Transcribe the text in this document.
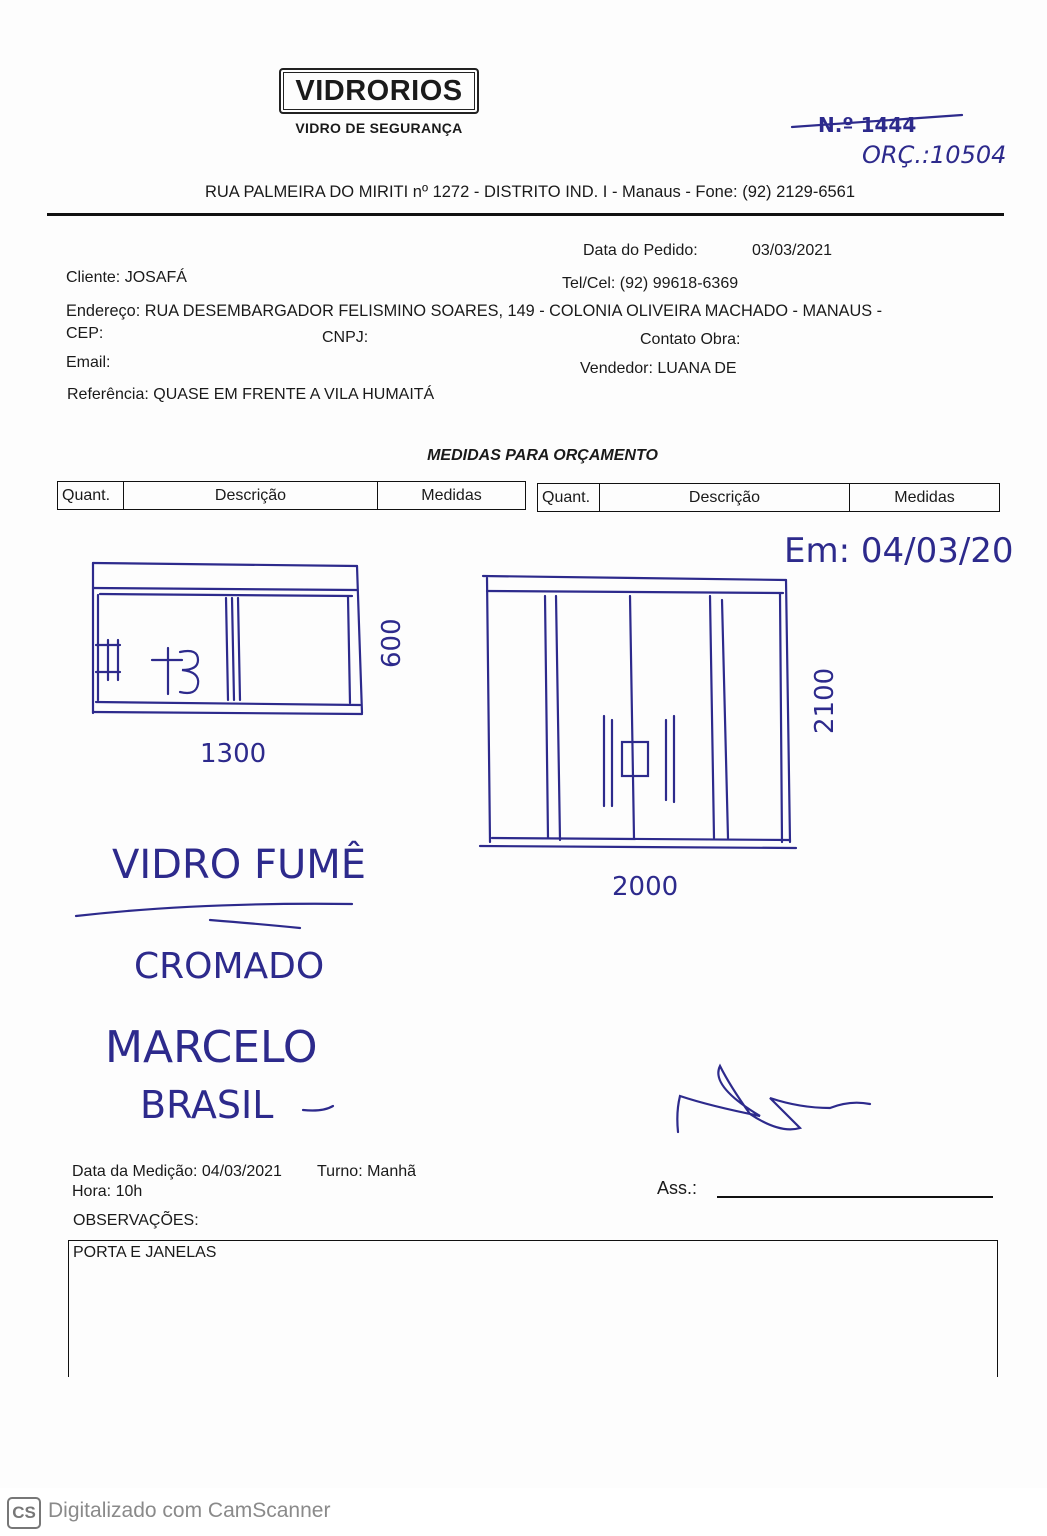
VIDRORIOS
VIDRO DE SEGURANÇA
RUA PALMEIRA DO MIRITI nº 1272 - DISTRITO IND. I - Manaus - Fone: (92) 2129-6561
Data do Pedido:	03/03/2021
Cliente: JOSAFÁ	Tel/Cel: (92) 99618-6369
Endereço: RUA DESEMBARGADOR FELISMINO SOARES, 149 - COLONIA OLIVEIRA MACHADO - MANAUS -
CEP:	CNPJ:	Contato Obra:
Email:	Vendedor: LUANA DE
Referência: QUASE EM FRENTE A VILA HUMAITÁ
MEDIDAS PARA ORÇAMENTO
Quant.	Descrição	Medidas	Quant.	Descrição	Medidas
ORÇ.:10504
N.º 1444
Em: 04/03/20
1300
600
2000
2100
VIDRO FUMÊ
CROMADO
MARCELO
BRASIL
Data da Medição: 04/03/2021 Turno: Manhã
Hora: 10h	Ass.:
OBSERVAÇÕES:
PORTA E JANELAS
CS Digitalizado com CamScanner
